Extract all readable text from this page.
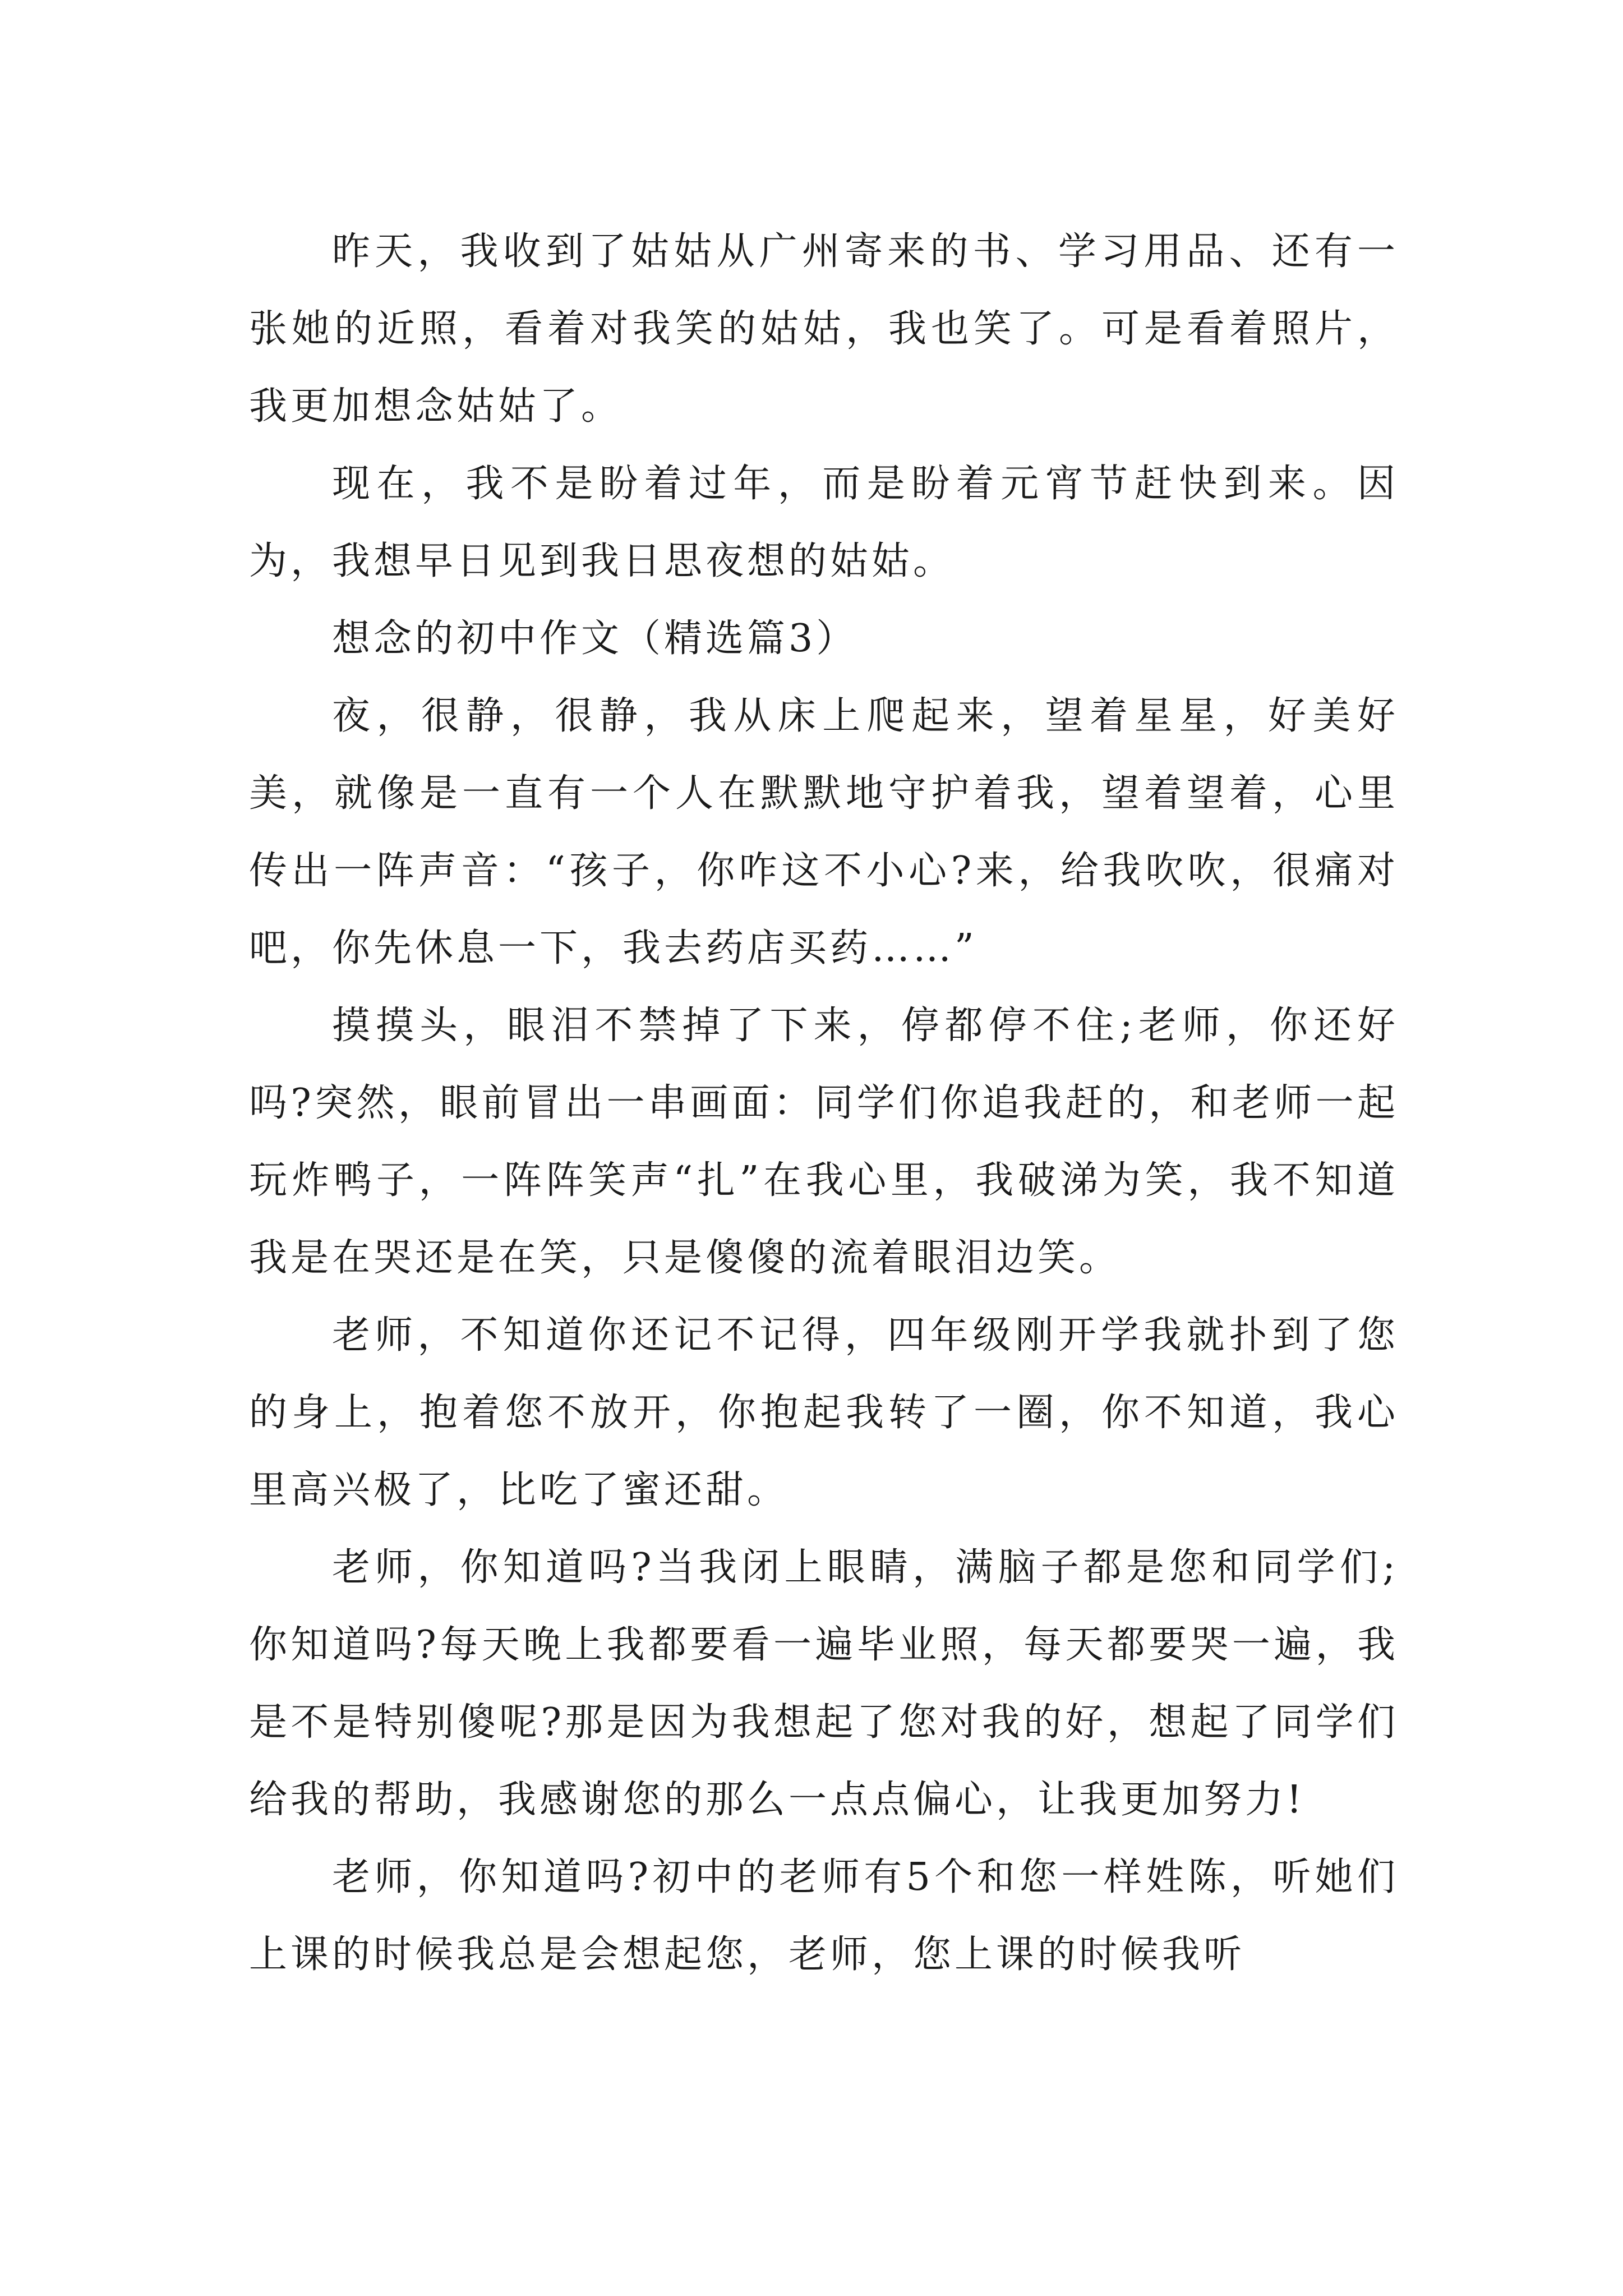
昨天，我收到了姑姑从广州寄来的书、学习用品、还有一张她的近照，看着对我笑的姑姑，我也笑了。可是看着照片，我更加想念姑姑了。

现在，我不是盼着过年，而是盼着元宵节赶快到来。因为，我想早日见到我日思夜想的姑姑。

想念的初中作文（精选篇3）

夜，很静，很静，我从床上爬起来，望着星星，好美好美，就像是一直有一个人在默默地守护着我，望着望着，心里传出一阵声音：“孩子，你咋这不小心?来，给我吹吹，很痛对吧，你先休息一下，我去药店买药……”

摸摸头，眼泪不禁掉了下来，停都停不住;老师，你还好吗?突然，眼前冒出一串画面：同学们你追我赶的，和老师一起玩炸鸭子，一阵阵笑声“扎”在我心里，我破涕为笑，我不知道我是在哭还是在笑，只是傻傻的流着眼泪边笑。

老师，不知道你还记不记得，四年级刚开学我就扑到了您的身上，抱着您不放开，你抱起我转了一圈，你不知道，我心里高兴极了，比吃了蜜还甜。

老师，你知道吗?当我闭上眼睛，满脑子都是您和同学们;你知道吗?每天晚上我都要看一遍毕业照，每天都要哭一遍，我是不是特别傻呢?那是因为我想起了您对我的好，想起了同学们给我的帮助，我感谢您的那么一点点偏心，让我更加努力!

老师，你知道吗?初中的老师有5个和您一样姓陈，听她们上课的时候我总是会想起您，老师，您上课的时候我听
